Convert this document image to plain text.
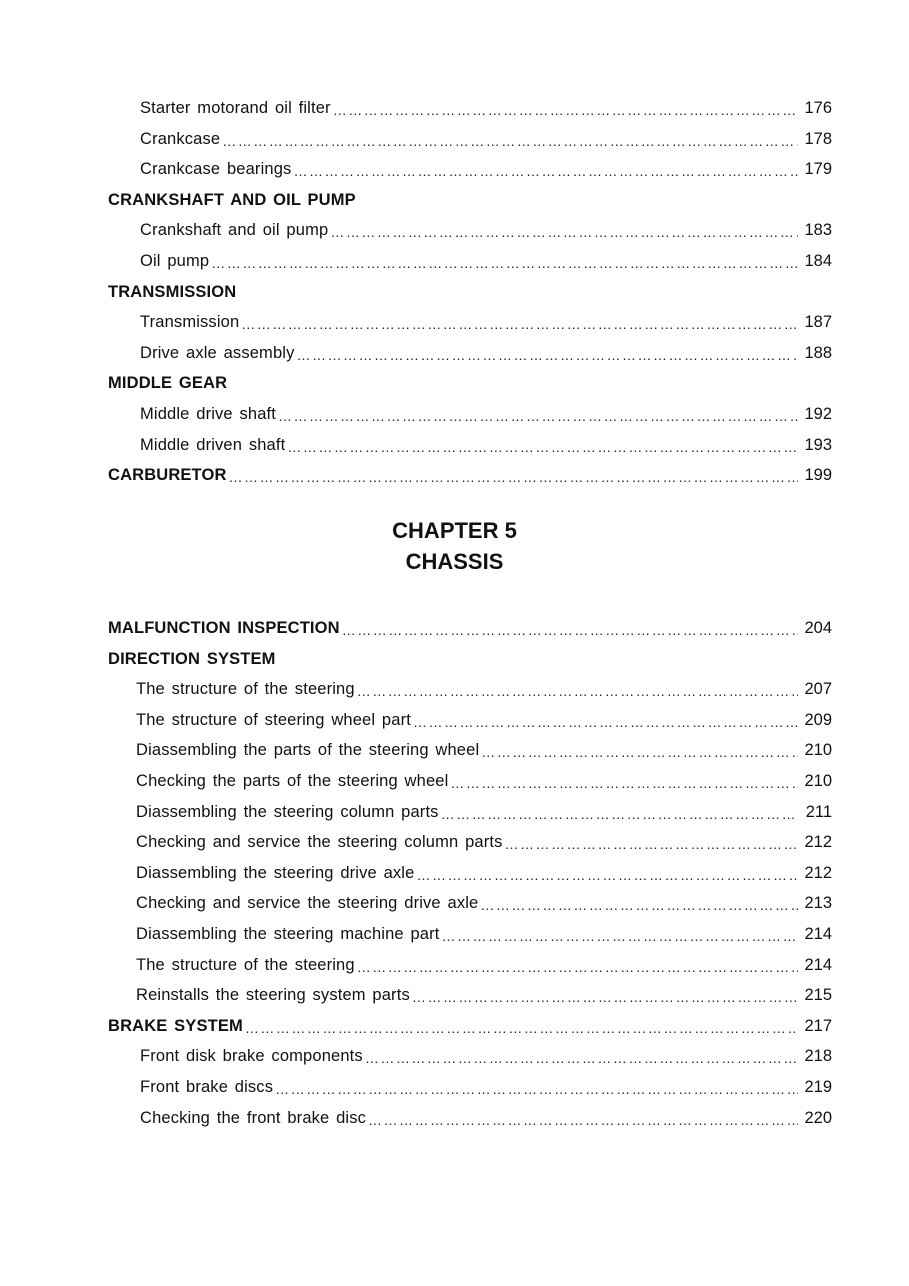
Starter motorand oil filter ……………………………………………………………………………………………………………………………………………………………………	176
Crankcase ……………………………………………………………………………………………………………………………………………………………………	178
Crankcase bearings ……………………………………………………………………………………………………………………………………………………………………	179
CRANKSHAFT AND OIL PUMP
Crankshaft and oil pump ……………………………………………………………………………………………………………………………………………………………………	183
Oil pump ……………………………………………………………………………………………………………………………………………………………………	184
TRANSMISSION
Transmission ……………………………………………………………………………………………………………………………………………………………………	187
Drive axle assembly ……………………………………………………………………………………………………………………………………………………………………	188
MIDDLE GEAR
Middle drive shaft ……………………………………………………………………………………………………………………………………………………………………	192
Middle driven shaft ……………………………………………………………………………………………………………………………………………………………………	193
CARBURETOR ……………………………………………………………………………………………………………………………………………………………………	199
CHAPTER 5
CHASSIS
MALFUNCTION INSPECTION ……………………………………………………………………………………………………………………………………………………………………	204
DIRECTION SYSTEM
The structure of the steering ……………………………………………………………………………………………………………………………………………………………………	207
The structure of steering wheel part ……………………………………………………………………………………………………………………………………………………………………	209
Diassembling the parts of the steering wheel ……………………………………………………………………………………………………………………………………………………………………	210
Checking the parts of the steering wheel ……………………………………………………………………………………………………………………………………………………………………	210
Diassembling the steering column parts ……………………………………………………………………………………………………………………………………………………………………	211
Checking and service the steering column parts ……………………………………………………………………………………………………………………………………………………………………	212
Diassembling the steering drive axle ……………………………………………………………………………………………………………………………………………………………………	212
Checking and service the steering drive axle ……………………………………………………………………………………………………………………………………………………………………	213
Diassembling the steering machine part ……………………………………………………………………………………………………………………………………………………………………	214
The structure of the steering ……………………………………………………………………………………………………………………………………………………………………	214
Reinstalls the steering system parts ……………………………………………………………………………………………………………………………………………………………………	215
BRAKE SYSTEM ……………………………………………………………………………………………………………………………………………………………………	217
Front disk brake components ……………………………………………………………………………………………………………………………………………………………………	218
Front brake discs ……………………………………………………………………………………………………………………………………………………………………	219
Checking the front brake disc ……………………………………………………………………………………………………………………………………………………………………	220
